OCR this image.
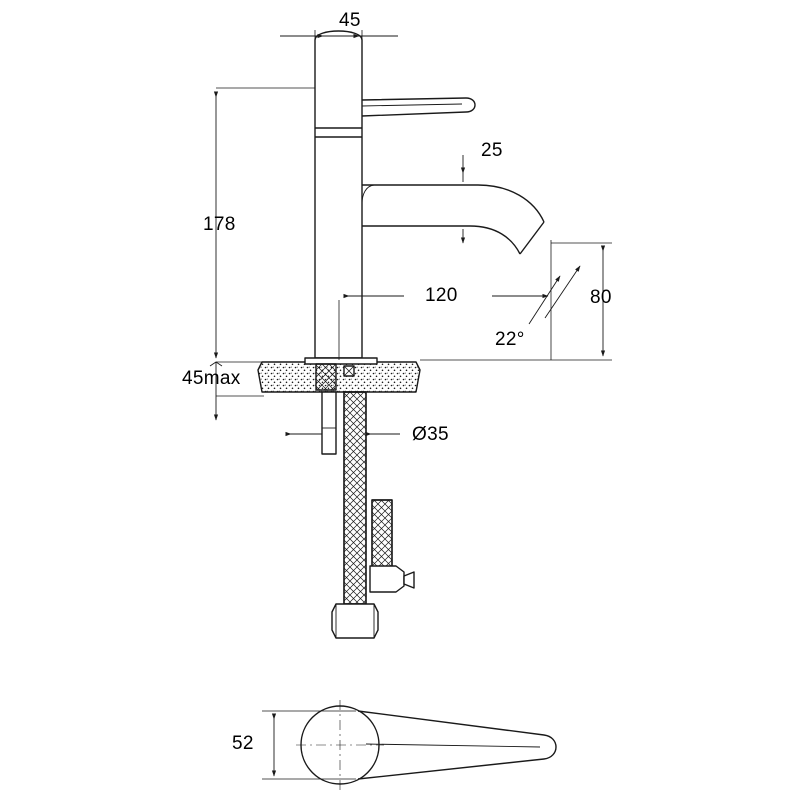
45
178
25
120	80
22°
45max
Ø35
52
